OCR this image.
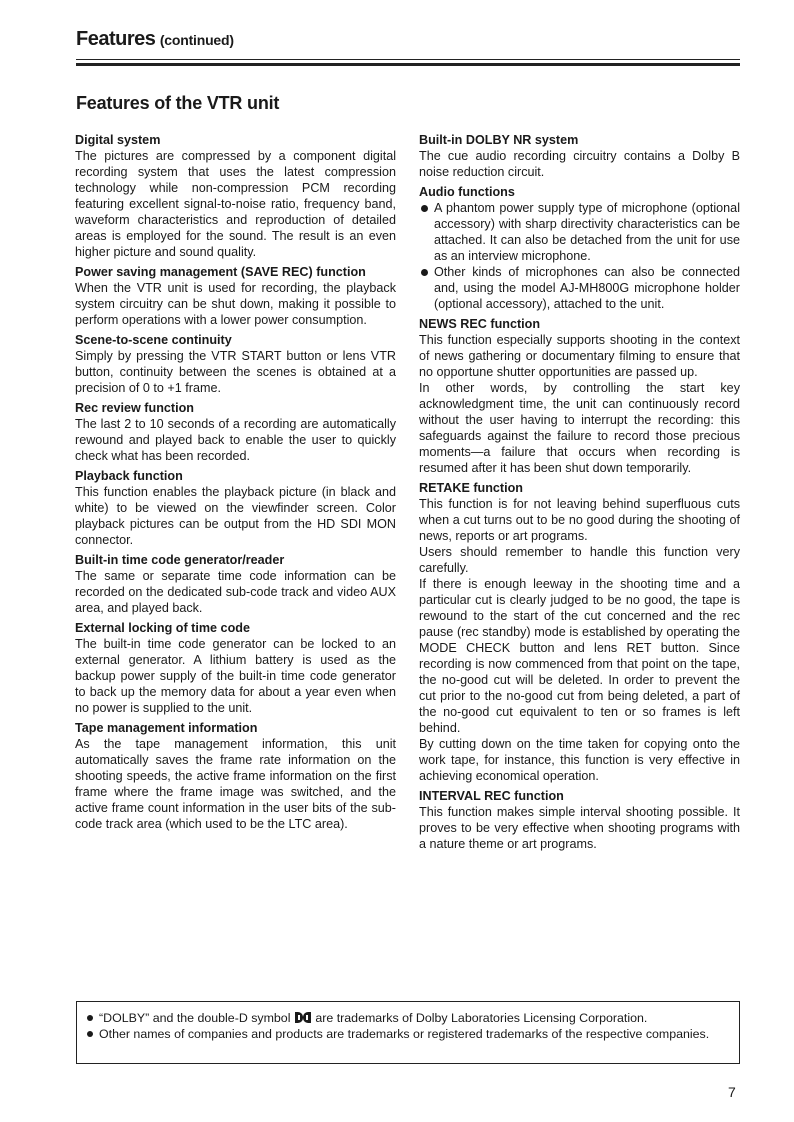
Features (continued)
Features of the VTR unit
Digital system

The pictures are compressed by a component digital recording system that uses the latest compression technology while non-compression PCM recording featuring excellent signal-to-noise ratio, frequency band, waveform characteristics and reproduction of detailed areas is employed for the sound. The result is an even higher picture and sound quality.

Power saving management (SAVE REC) function

When the VTR unit is used for recording, the playback system circuitry can be shut down, making it possible to perform operations with a lower power consumption.

Scene-to-scene continuity

Simply by pressing the VTR START button or lens VTR button, continuity between the scenes is obtained at a precision of 0 to +1 frame.

Rec review function

The last 2 to 10 seconds of a recording are automatically rewound and played back to enable the user to quickly check what has been recorded.

Playback function

This function enables the playback picture (in black and white) to be viewed on the viewfinder screen. Color playback pictures can be output from the HD SDI MON connector.

Built-in time code generator/reader

The same or separate time code information can be recorded on the dedicated sub-code track and video AUX area, and played back.

External locking of time code

The built-in time code generator can be locked to an external generator. A lithium battery is used as the backup power supply of the built-in time code generator to back up the memory data for about a year even when no power is supplied to the unit.

Tape management information

As the tape management information, this unit automatically saves the frame rate information on the shooting speeds, the active frame information on the first frame where the frame image was switched, and the active frame count information in the user bits of the sub-code track area (which used to be the LTC area).

Built-in DOLBY NR system

The cue audio recording circuitry contains a Dolby B noise reduction circuit.

Audio functions
A phantom power supply type of microphone (optional accessory) with sharp directivity characteristics can be attached. It can also be detached from the unit for use as an interview microphone.
Other kinds of microphones can also be connected and, using the model AJ-MH800G microphone holder (optional accessory), attached to the unit.
NEWS REC function

This function especially supports shooting in the context of news gathering or documentary filming to ensure that no opportune shutter opportunities are passed up.

In other words, by controlling the start key acknowledgment time, the unit can continuously record without the user having to interrupt the recording: this safeguards against the failure to record those precious moments—a failure that occurs when recording is resumed after it has been shut down temporarily.

RETAKE function

This function is for not leaving behind superfluous cuts when a cut turns out to be no good during the shooting of news, reports or art programs.

Users should remember to handle this function very carefully.

If there is enough leeway in the shooting time and a particular cut is clearly judged to be no good, the tape is rewound to the start of the cut concerned and the rec pause (rec standby) mode is established by operating the MODE CHECK button and lens RET button. Since recording is now commenced from that point on the tape, the no-good cut will be deleted. In order to prevent the cut prior to the no-good cut from being deleted, a part of the no-good cut equivalent to ten or so frames is left behind.

By cutting down on the time taken for copying onto the work tape, for instance, this function is very effective in achieving economical operation.

INTERVAL REC function

This function makes simple interval shooting possible. It proves to be very effective when shooting programs with a nature theme or art programs.

“DOLBY” and the double-D symbol are trademarks of Dolby Laboratories Licensing Corporation.
Other names of companies and products are trademarks or registered trademarks of the respective companies.
7
